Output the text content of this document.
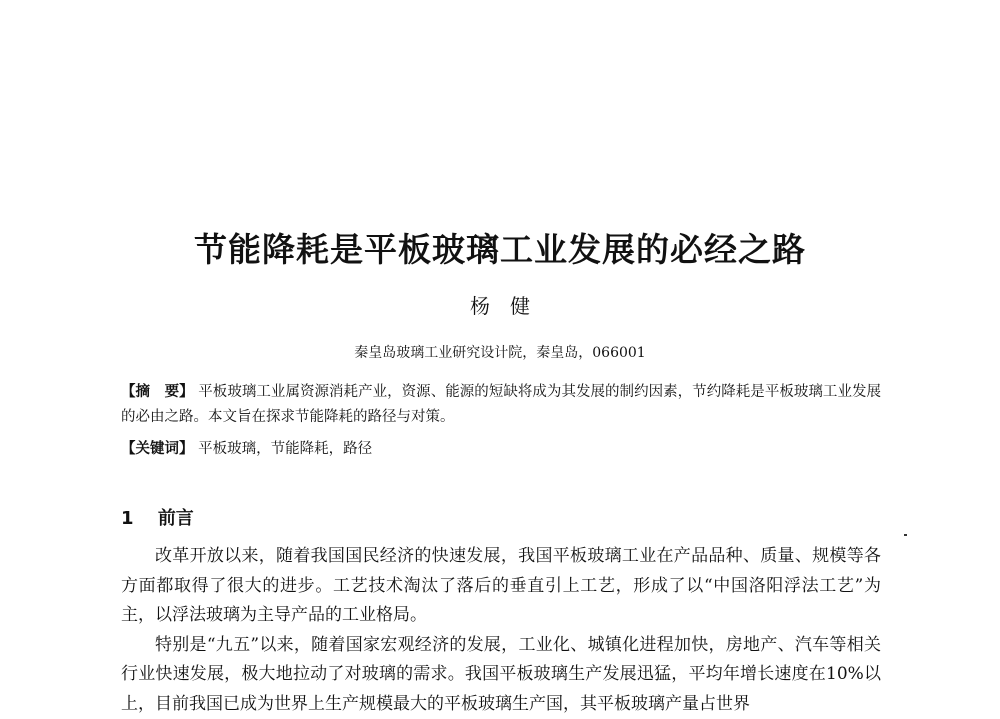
节能降耗是平板玻璃工业发展的必经之路
杨　健
秦皇岛玻璃工业研究设计院，秦皇岛，066001
【摘　要】 平板玻璃工业属资源消耗产业，资源、能源的短缺将成为其发展的制约因素，节约降耗是平板玻璃工业发展的必由之路。本文旨在探求节能降耗的路径与对策。
【关键词】 平板玻璃，节能降耗，路径
1 前言

改革开放以来，随着我国国民经济的快速发展，我国平板玻璃工业在产品品种、质量、规模等各方面都取得了很大的进步。工艺技术淘汰了落后的垂直引上工艺，形成了以“中国洛阳浮法工艺”为主，以浮法玻璃为主导产品的工业格局。

特别是“九五”以来，随着国家宏观经济的发展，工业化、城镇化进程加快，房地产、汽车等相关行业快速发展，极大地拉动了对玻璃的需求。我国平板玻璃生产发展迅猛，平均年增长速度在10%以上，目前我国已成为世界上生产规模最大的平板玻璃生产国，其平板玻璃产量占世界
